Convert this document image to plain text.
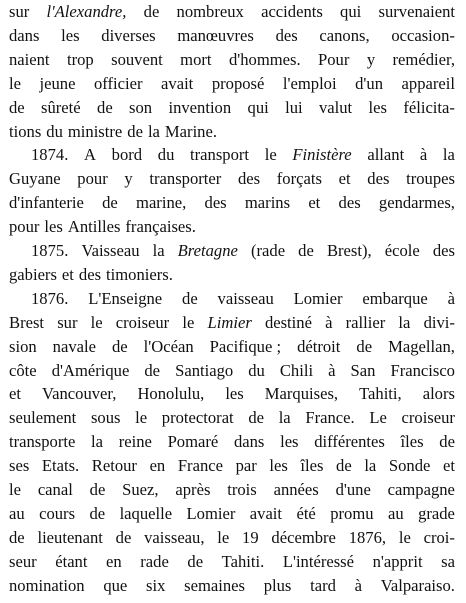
sur l'Alexandre, de nombreux accidents qui survenaient
dans les diverses manœuvres des canons, occasion-
naient trop souvent mort d'hommes. Pour y remédier,
le jeune officier avait proposé l'emploi d'un appareil
de sûreté de son invention qui lui valut les félicita-
tions du ministre de la Marine.
1874. A bord du transport le Finistère allant à la
Guyane pour y transporter des forçats et des troupes
d'infanterie de marine, des marins et des gendarmes,
pour les Antilles françaises.
1875. Vaisseau la Bretagne (rade de Brest), école des
gabiers et des timoniers.
1876. L'Enseigne de vaisseau Lomier embarque à
Brest sur le croiseur le Limier destiné à rallier la divi-
sion navale de l'Océan Pacifique ; détroit de Magellan,
côte d'Amérique de Santiago du Chili à San Francisco
et Vancouver, Honolulu, les Marquises, Tahiti, alors
seulement sous le protectorat de la France. Le croiseur
transporte la reine Pomaré dans les différentes îles de
ses Etats. Retour en France par les îles de la Sonde et
le canal de Suez, après trois années d'une campagne
au cours de laquelle Lomier avait été promu au grade
de lieutenant de vaisseau, le 19 décembre 1876, le croi-
seur étant en rade de Tahiti. L'intéressé n'apprit sa
nomination que six semaines plus tard à Valparaiso.
